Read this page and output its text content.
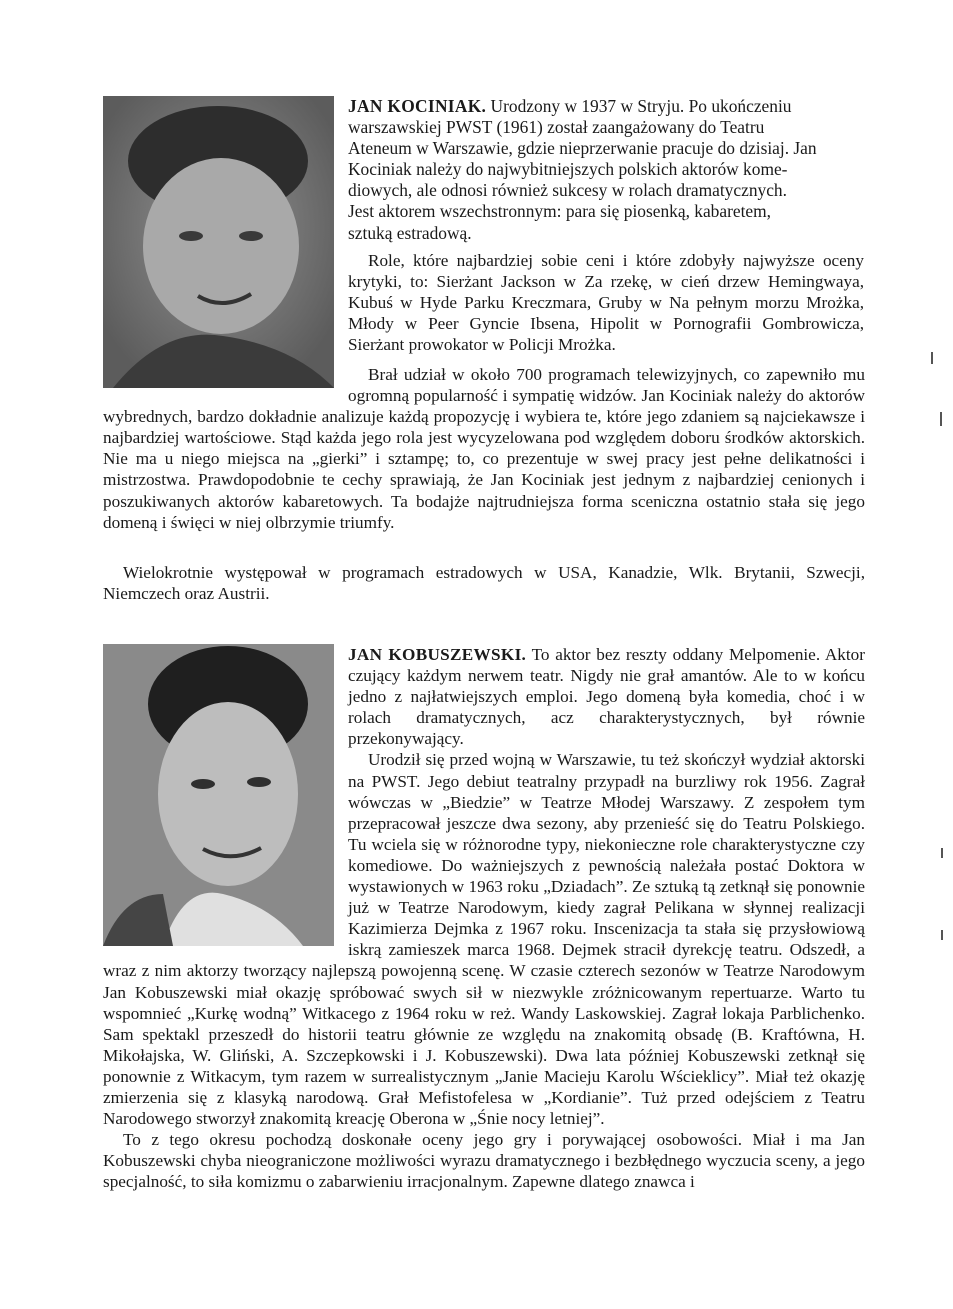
JAN KOCINIAK. Urodzony w 1937 w Stryju. Po ukończeniu
warszawskiej PWST (1961) został zaangażowany do Teatru
Ateneum w Warszawie, gdzie nieprzerwanie pracuje do dzisiaj. Jan
Kociniak należy do najwybitniejszych polskich aktorów kome-
diowych, ale odnosi również sukcesy w rolach dramatycznych.
Jest aktorem wszechstronnym: para się piosenką, kabaretem,
sztuką estradową.

Role, które najbardziej sobie ceni i które zdobyły najwyższe oceny krytyki, to: Sierżant Jackson w Za rzekę, w cień drzew Hemingwaya, Kubuś w Hyde Parku Kreczmara, Gruby w Na pełnym morzu Mrożka, Młody w Peer Gyncie Ibsena, Hipolit w Pornografii Gombrowicza, Sierżant prowokator w Policji Mrożka.

Brał udział w około 700 programach telewizyjnych, co zapewniło mu ogromną popularność i sympatię widzów. Jan Kociniak należy do aktorów wybrednych, bardzo dokładnie analizuje każdą propozycję i wybiera te, które jego zdaniem są najciekawsze i najbardziej wartościowe. Stąd każda jego rola jest wycyzelowana pod względem doboru środków aktorskich. Nie ma u niego miejsca na „gierki” i sztampę; to, co prezentuje w swej pracy jest pełne delikatności i mistrzostwa. Prawdopodobnie te cechy sprawiają, że Jan Kociniak jest jednym z najbardziej cenionych i poszukiwanych aktorów kabaretowych. Ta bodajże najtrudniejsza forma sceniczna ostatnio stała się jego domeną i święci w niej olbrzymie triumfy.

Wielokrotnie występował w programach estradowych w USA, Kanadzie, Wlk. Brytanii, Szwecji, Niemczech oraz Austrii.

JAN KOBUSZEWSKI. To aktor bez reszty oddany Melpomenie. Aktor czujący każdym nerwem teatr. Nigdy nie grał amantów. Ale to w końcu jedno z najłatwiejszych emploi. Jego domeną była komedia, choć i w rolach dramatycznych, acz charakterystycznych, był równie przekonywający.

Urodził się przed wojną w Warszawie, tu też skończył wydział aktorski na PWST. Jego debiut teatralny przypadł na burzliwy rok 1956. Zagrał wówczas w „Biedzie” w Teatrze Młodej Warszawy. Z zespołem tym przepracował jeszcze dwa sezony, aby przenieść się do Teatru Polskiego. Tu wciela się w różnorodne typy, niekonieczne role charakterystyczne czy komediowe. Do ważniejszych z pewnością należała postać Doktora w wystawionych w 1963 roku „Dziadach”. Ze sztuką tą zetknął się ponownie już w Teatrze Narodowym, kiedy zagrał Pelikana w słynnej realizacji Kazimierza Dejmka z 1967 roku. Inscenizacja ta stała się przysłowiową iskrą zamieszek marca 1968. Dejmek stracił dyrekcję teatru. Odszedł, a wraz z nim aktorzy tworzący najlepszą powojenną scenę. W czasie czterech sezonów w Teatrze Narodowym Jan Kobuszewski miał okazję spróbować swych sił w niezwykle zróżnicowanym repertuarze. Warto tu wspomnieć „Kurkę wodną” Witkacego z 1964 roku w reż. Wandy Laskowskiej. Zagrał lokaja Parblichenko. Sam spektakl przeszedł do historii teatru głównie ze względu na znakomitą obsadę (B. Kraftówna, H. Mikołajska, W. Gliński, A. Szczepkowski i J. Kobuszewski). Dwa lata później Kobuszewski zetknął się ponownie z Witkacym, tym razem w surrealistycznym „Janie Macieju Karolu Wścieklicy”. Miał też okazję zmierzenia się z klasyką narodową. Grał Mefistofelesa w „Kordianie”. Tuż przed odejściem z Teatru Narodowego stworzył znakomitą kreację Oberona w „Śnie nocy letniej”.

To z tego okresu pochodzą doskonałe oceny jego gry i porywającej osobowości. Miał i ma Jan Kobuszewski chyba nieograniczone możliwości wyrazu dramatycznego i bezbłędnego wyczucia sceny, a jego specjalność, to siła komizmu o zabarwieniu irracjonalnym. Zapewne dlatego znawca i
